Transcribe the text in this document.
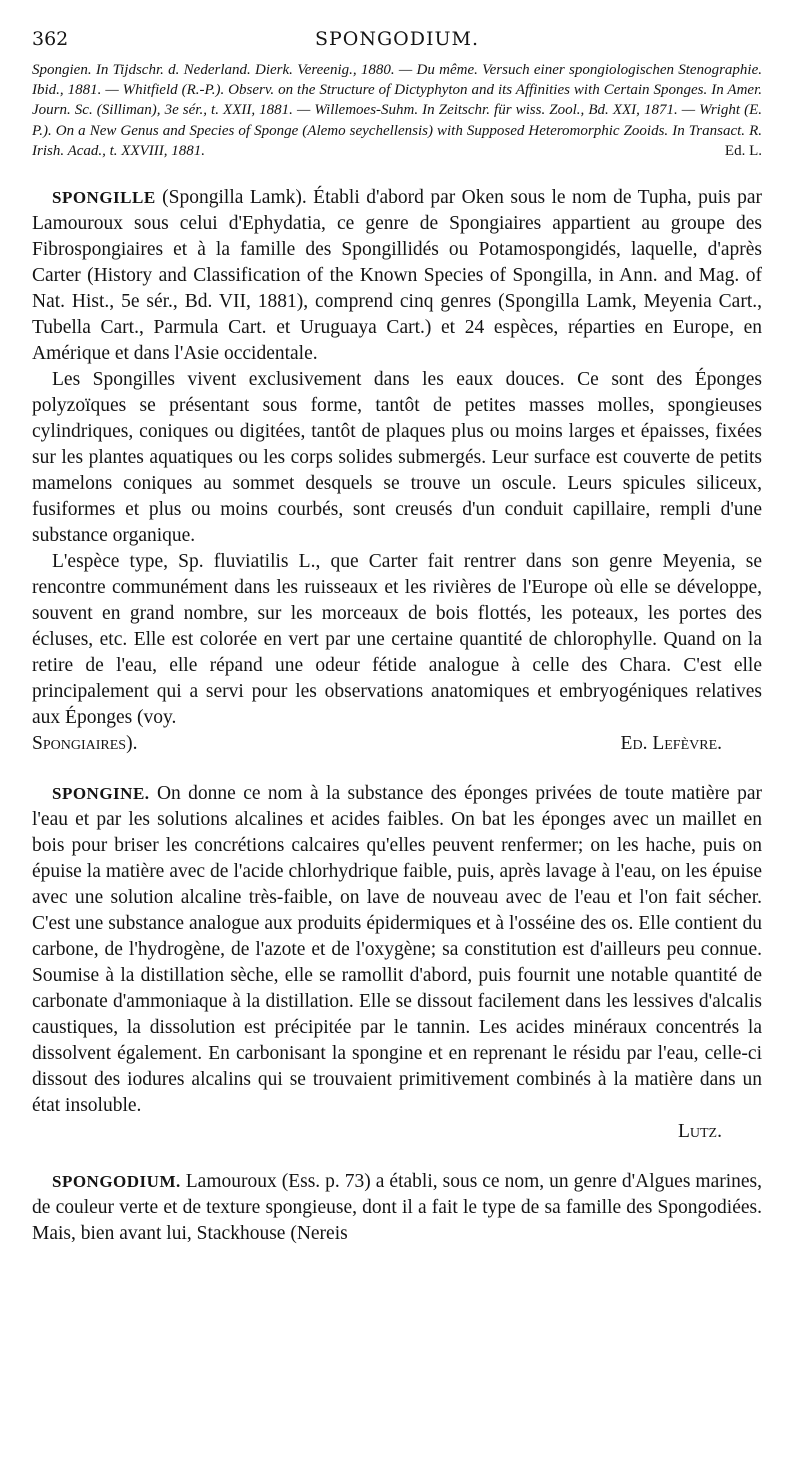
362	SPONGODIUM.

Spongien. In Tijdschr. d. Nederland. Dierk. Vereenig., 1880. — Du même. Versuch einer spongiologischen Stenographie. Ibid., 1881. — Whitfield (R.-P.). Observ. on the Structure of Dictyphyton and its Affinities with Certain Sponges. In Amer. Journ. Sc. (Silliman), 3e sér., t. XXII, 1881. — Willemoes-Suhm. In Zeitschr. für wiss. Zool., Bd. XXI, 1871. — Wright (E. P.). On a New Genus and Species of Sponge (Alemo seychellensis) with Supposed Heteromorphic Zooids. In Transact. R. Irish. Acad., t. XXVIII, 1881.	Ed. L.

SPONGILLE (Spongilla Lamk). Établi d'abord par Oken sous le nom de Tupha, puis par Lamouroux sous celui d'Ephydatia, ce genre de Spongiaires appartient au groupe des Fibrospongiaires et à la famille des Spongillidés ou Potamospongidés, laquelle, d'après Carter (History and Classification of the Known Species of Spongilla, in Ann. and Mag. of Nat. Hist., 5e sér., Bd. VII, 1881), comprend cinq genres (Spongilla Lamk, Meyenia Cart., Tubella Cart., Parmula Cart. et Uruguaya Cart.) et 24 espèces, réparties en Europe, en Amérique et dans l'Asie occidentale.

Les Spongilles vivent exclusivement dans les eaux douces. Ce sont des Éponges polyzoïques se présentant sous forme, tantôt de petites masses molles, spongieuses cylindriques, coniques ou digitées, tantôt de plaques plus ou moins larges et épaisses, fixées sur les plantes aquatiques ou les corps solides submergés. Leur surface est couverte de petits mamelons coniques au sommet desquels se trouve un oscule. Leurs spicules siliceux, fusiformes et plus ou moins courbés, sont creusés d'un conduit capillaire, rempli d'une substance organique.

L'espèce type, Sp. fluviatilis L., que Carter fait rentrer dans son genre Meyenia, se rencontre communément dans les ruisseaux et les rivières de l'Europe où elle se développe, souvent en grand nombre, sur les morceaux de bois flottés, les poteaux, les portes des écluses, etc. Elle est colorée en vert par une certaine quantité de chlorophylle. Quand on la retire de l'eau, elle répand une odeur fétide analogue à celle des Chara. C'est elle principalement qui a servi pour les observations anatomiques et embryogéniques relatives aux Éponges (voy.

Spongiaires).	Ed. Lefèvre.

SPONGINE. On donne ce nom à la substance des éponges privées de toute matière par l'eau et par les solutions alcalines et acides faibles. On bat les éponges avec un maillet en bois pour briser les concrétions calcaires qu'elles peuvent renfermer; on les hache, puis on épuise la matière avec de l'acide chlorhydrique faible, puis, après lavage à l'eau, on les épuise avec une solution alcaline très-faible, on lave de nouveau avec de l'eau et l'on fait sécher. C'est une substance analogue aux produits épidermiques et à l'osséine des os. Elle contient du carbone, de l'hydrogène, de l'azote et de l'oxygène; sa constitution est d'ailleurs peu connue. Soumise à la distillation sèche, elle se ramollit d'abord, puis fournit une notable quantité de carbonate d'ammoniaque à la distillation. Elle se dissout facilement dans les lessives d'alcalis caustiques, la dissolution est précipitée par le tannin. Les acides minéraux concentrés la dissolvent également. En carbonisant la spongine et en reprenant le résidu par l'eau, celle-ci dissout des iodures alcalins qui se trouvaient primitivement combinés à la matière dans un état insoluble.

Lutz.

SPONGODIUM. Lamouroux (Ess. p. 73) a établi, sous ce nom, un genre d'Algues marines, de couleur verte et de texture spongieuse, dont il a fait le type de sa famille des Spongodiées. Mais, bien avant lui, Stackhouse (Nereis
